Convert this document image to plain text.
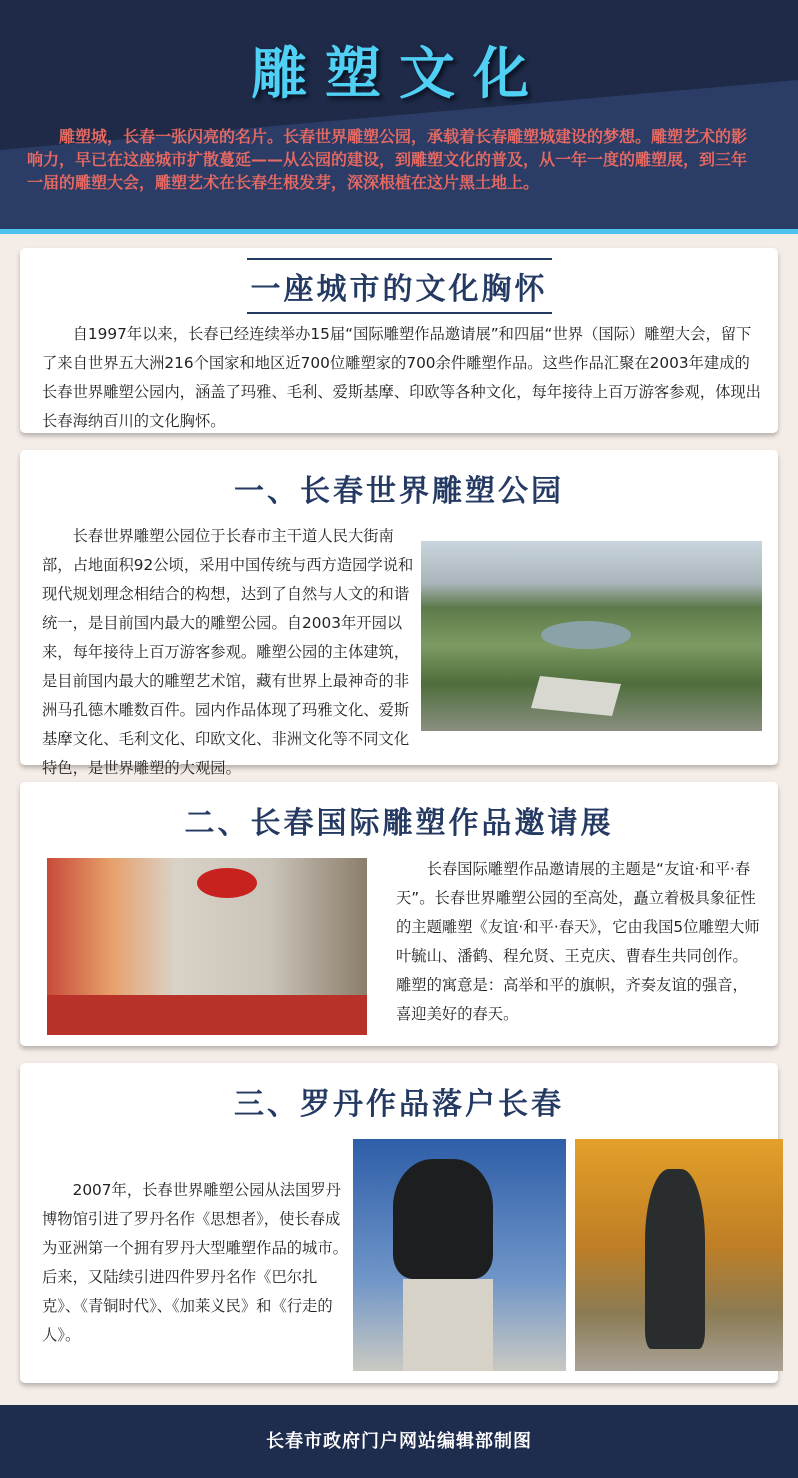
雕塑文化
雕塑城，长春一张闪亮的名片。长春世界雕塑公园，承载着长春雕塑城建设的梦想。雕塑艺术的影响力，早已在这座城市扩散蔓延——从公园的建设，到雕塑文化的普及，从一年一度的雕塑展，到三年一届的雕塑大会，雕塑艺术在长春生根发芽，深深根植在这片黑土地上。
一座城市的文化胸怀
自1997年以来，长春已经连续举办15届“国际雕塑作品邀请展”和四届“世界（国际）雕塑大会，留下了来自世界五大洲216个国家和地区近700位雕塑家的700余件雕塑作品。这些作品汇聚在2003年建成的长春世界雕塑公园内，涵盖了玛雅、毛利、爱斯基摩、印欧等各种文化，每年接待上百万游客参观，体现出长春海纳百川的文化胸怀。
一、长春世界雕塑公园
长春世界雕塑公园位于长春市主干道人民大街南部，占地面积92公顷，采用中国传统与西方造园学说和现代规划理念相结合的构想，达到了自然与人文的和谐统一，是目前国内最大的雕塑公园。自2003年开园以来，每年接待上百万游客参观。雕塑公园的主体建筑，是目前国内最大的雕塑艺术馆，藏有世界上最神奇的非洲马孔德木雕数百件。园内作品体现了玛雅文化、爱斯基摩文化、毛利文化、印欧文化、非洲文化等不同文化特色，是世界雕塑的大观园。
二、长春国际雕塑作品邀请展
长春国际雕塑作品邀请展的主题是“友谊·和平·春天”。长春世界雕塑公园的至高处，矗立着极具象征性的主题雕塑《友谊·和平·春天》，它由我国5位雕塑大师叶毓山、潘鹤、程允贤、王克庆、曹春生共同创作。雕塑的寓意是：高举和平的旗帜，齐奏友谊的强音，喜迎美好的春天。
三、罗丹作品落户长春
2007年，长春世界雕塑公园从法国罗丹博物馆引进了罗丹名作《思想者》，使长春成为亚洲第一个拥有罗丹大型雕塑作品的城市。后来，又陆续引进四件罗丹名作《巴尔扎克》、《青铜时代》、《加莱义民》和《行走的人》。
长春市政府门户网站编辑部制图
